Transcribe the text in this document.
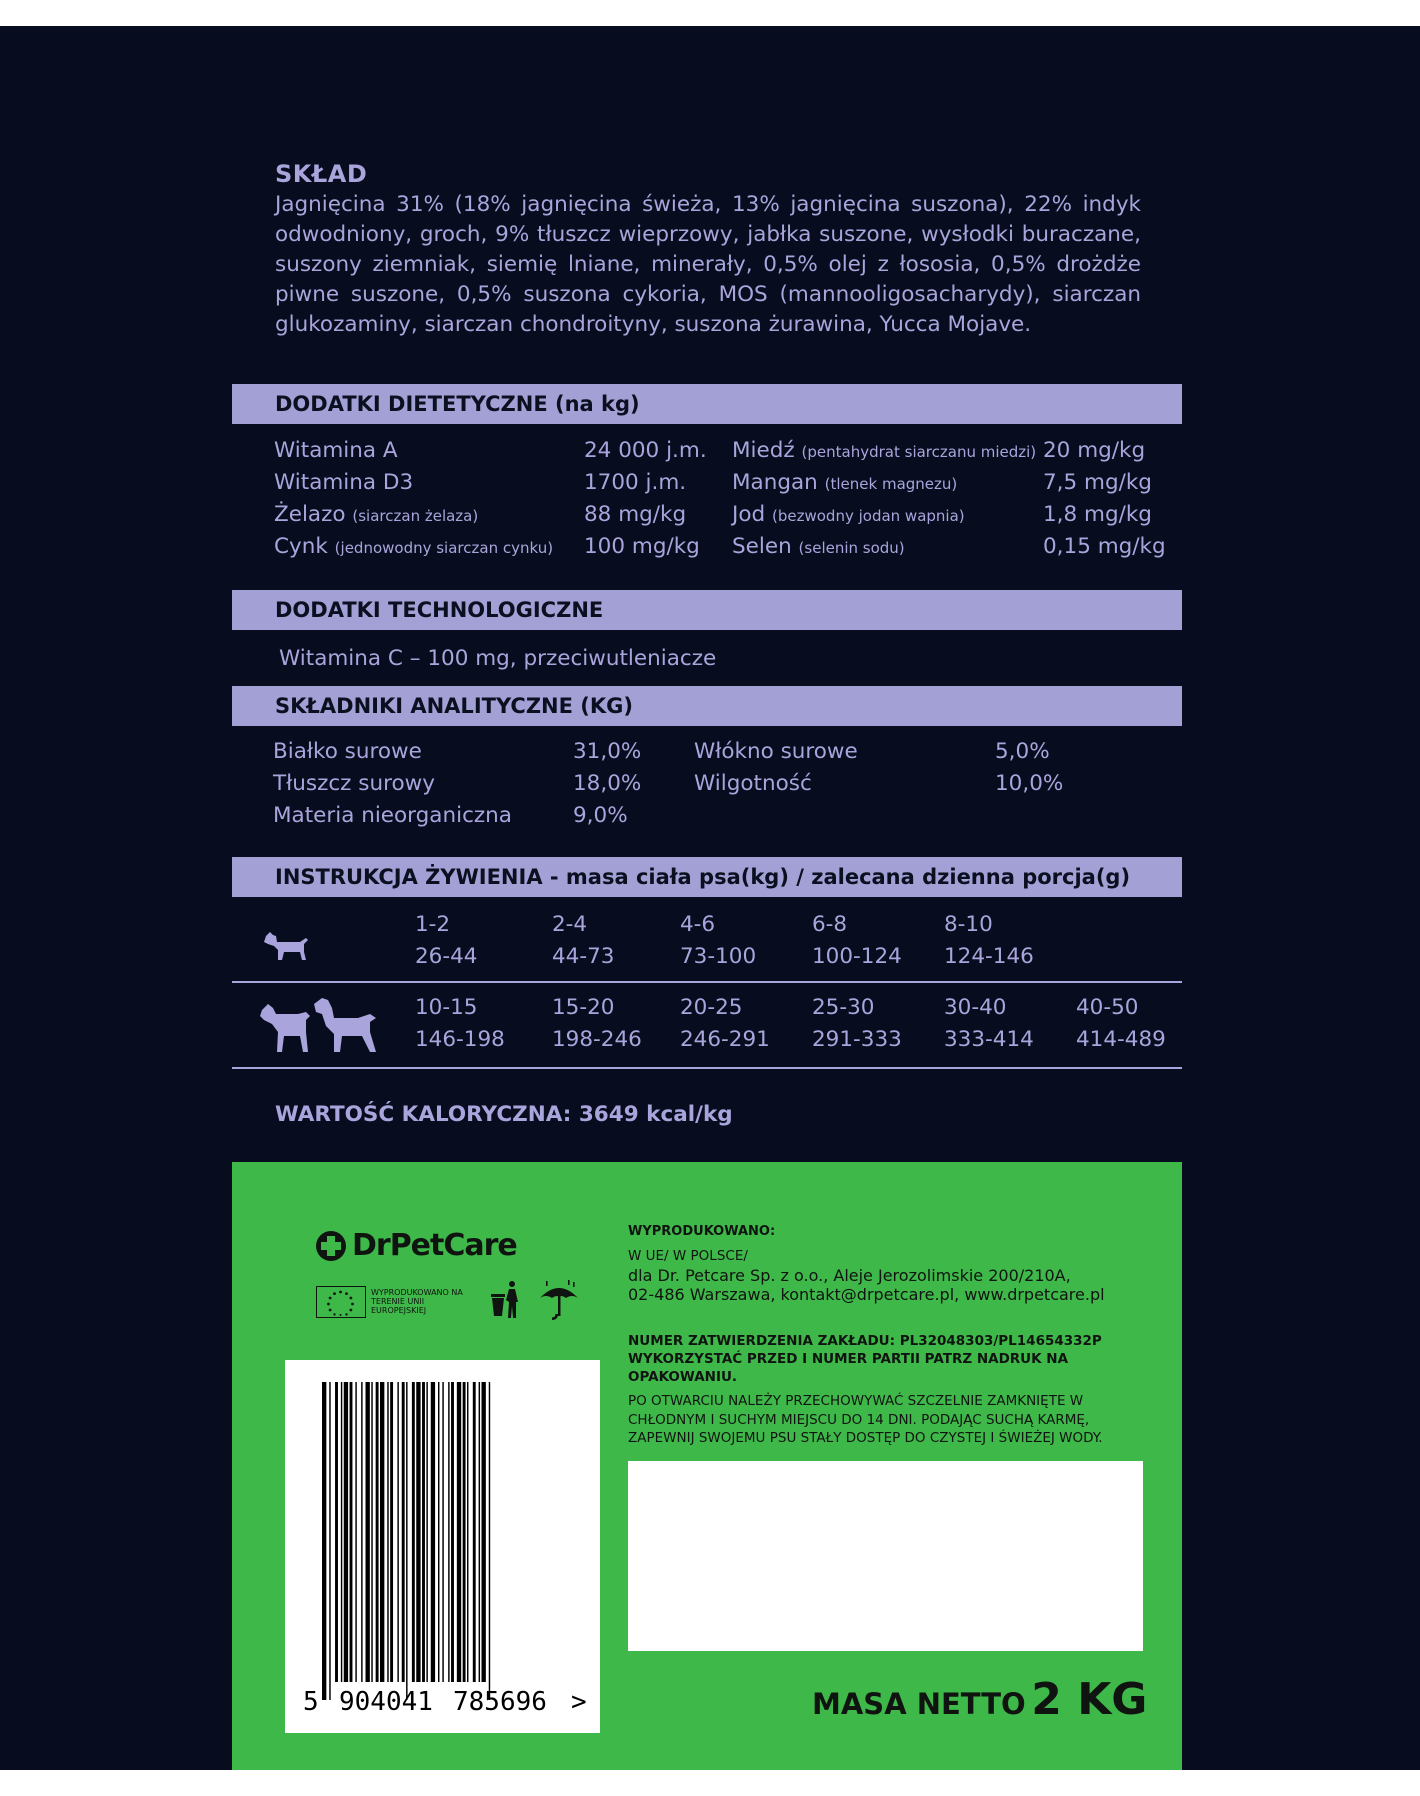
SKŁAD
Jagnięcina 31% (18% jagnięcina świeża, 13% jagnięcina suszona), 22% indyk odwodniony, groch, 9% tłuszcz wieprzowy, jabłka suszone, wysłodki buraczane, suszony ziemniak, siemię lniane, minerały, 0,5% olej z łososia, 0,5% drożdże piwne suszone, 0,5% suszona cykoria, MOS (mannooligosacharydy), siarczan glukozaminy, siarczan chondroityny, suszona żurawina, Yucca Mojave.
DODATKI DIETETYCZNE (na kg)
Witamina A
Witamina D3
Żelazo (siarczan żelaza)
Cynk (jednowodny siarczan cynku)
24 000 j.m.
1700 j.m.
88 mg/kg
100 mg/kg
Miedź (pentahydrat siarczanu miedzi)
Mangan (tlenek magnezu)
Jod (bezwodny jodan wapnia)
Selen (selenin sodu)
20 mg/kg
7,5 mg/kg
1,8 mg/kg
0,15 mg/kg
DODATKI TECHNOLOGICZNE
Witamina C – 100 mg, przeciwutleniacze
SKŁADNIKI ANALITYCZNE (KG)
Białko surowe
Tłuszcz surowy
Materia nieorganiczna
31,0%
18,0%
9,0%
Włókno surowe
Wilgotność
5,0%
10,0%
INSTRUKCJA ŻYWIENIA - masa ciała psa(kg) / zalecana dzienna porcja(g)
1-2
26-44
2-4
44-73
4-6
73-100
6-8
100-124
8-10
124-146
10-15
146-198
15-20
198-246
20-25
246-291
25-30
291-333
30-40
333-414
40-50
414-489
WARTOŚĆ KALORYCZNA: 3649 kcal/kg
DrPetCare
WYPRODUKOWANO NA TERENIE UNII EUROPEJSKIEJ
WYPRODUKOWANO:
W UE/ W POLSCE/
dla Dr. Petcare Sp. z o.o., Aleje Jerozolimskie 200/210A,
02-486 Warszawa, kontakt@drpetcare.pl, www.drpetcare.pl
NUMER ZATWIERDZENIA ZAKŁADU: PL32048303/PL14654332P
WYKORZYSTAĆ PRZED I NUMER PARTII PATRZ NADRUK NA OPAKOWANIU.
PO OTWARCIU NALEŻY PRZECHOWYWAĆ SZCZELNIE ZAMKNIĘTE W CHŁODNYM I SUCHYM MIEJSCU DO 14 DNI. PODAJĄC SUCHĄ KARMĘ, ZAPEWNIJ SWOJEMU PSU STAŁY DOSTĘP DO CZYSTEJ I ŚWIEŻEJ WODY.
5 904041 785696 >	MASA NETTO 2 KG
